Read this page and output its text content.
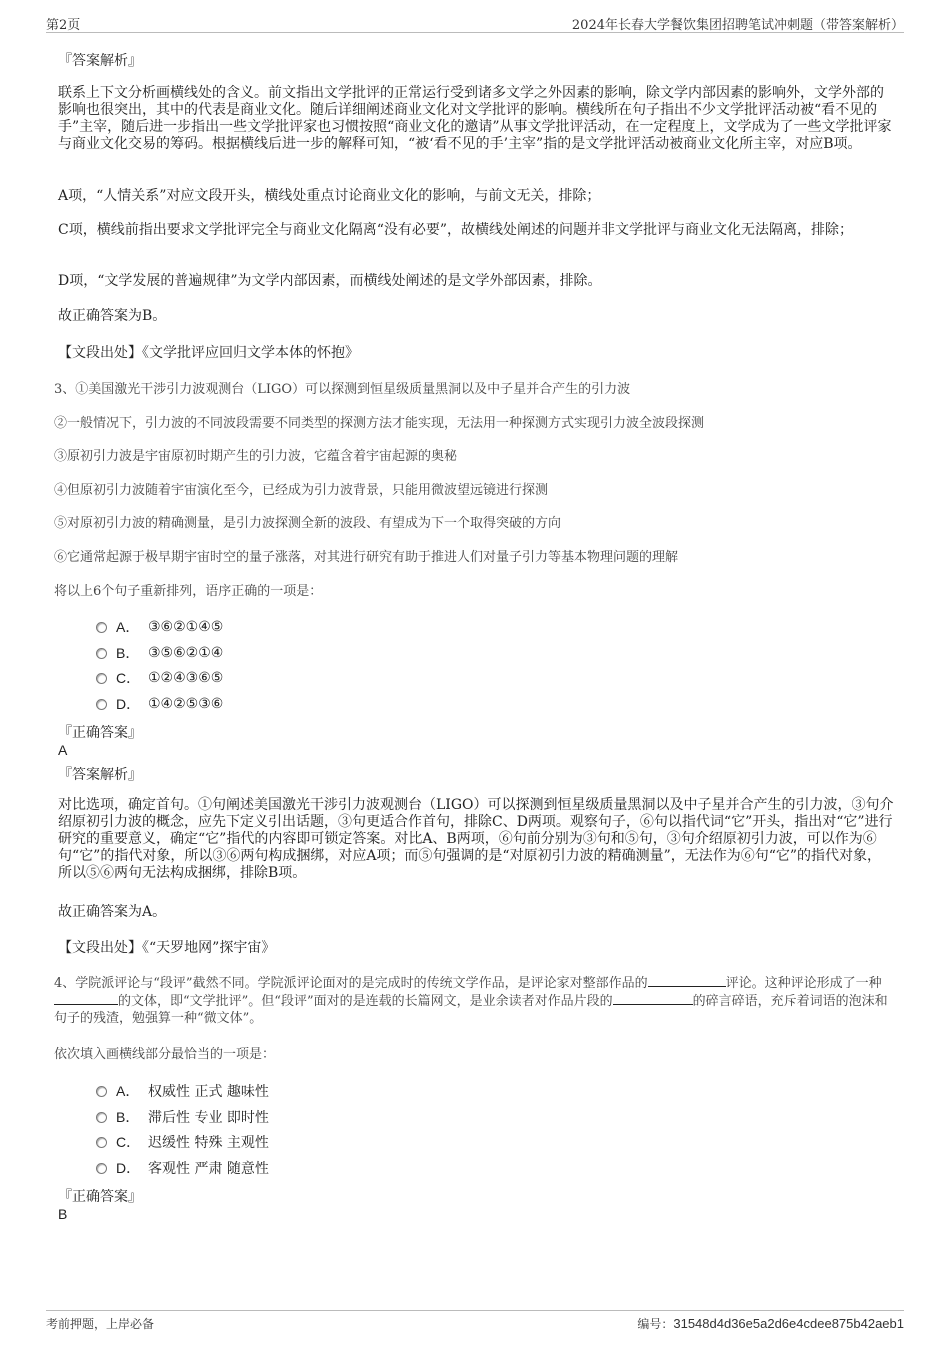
第2页	2024年长春大学餐饮集团招聘笔试冲刺题（带答案解析）
『答案解析』

联系上下文分析画横线处的含义。前文指出文学批评的正常运行受到诸多文学之外因素的影响，除文学内部因素的影响外，文学外部的影响也很突出，其中的代表是商业文化。随后详细阐述商业文化对文学批评的影响。横线所在句子指出不少文学批评活动被“看不见的手”主宰，随后进一步指出一些文学批评家也习惯按照“商业文化的邀请”从事文学批评活动，在一定程度上，文学成为了一些文学批评家与商业文化交易的筹码。根据横线后进一步的解释可知，“被‘看不见的手’主宰”指的是文学批评活动被商业文化所主宰，对应B项。

A项，“人情关系”对应文段开头，横线处重点讨论商业文化的影响，与前文无关，排除；

C项，横线前指出要求文学批评完全与商业文化隔离“没有必要”，故横线处阐述的问题并非文学批评与商业文化无法隔离，排除；

D项，“文学发展的普遍规律”为文学内部因素，而横线处阐述的是文学外部因素，排除。

故正确答案为B。

【文段出处】《文学批评应回归文学本体的怀抱》
3、①美国激光干涉引力波观测台（LIGO）可以探测到恒星级质量黑洞以及中子星并合产生的引力波
②一般情况下，引力波的不同波段需要不同类型的探测方法才能实现，无法用一种探测方式实现引力波全波段探测
③原初引力波是宇宙原初时期产生的引力波，它蕴含着宇宙起源的奥秘
④但原初引力波随着宇宙演化至今，已经成为引力波背景，只能用微波望远镜进行探测
⑤对原初引力波的精确测量，是引力波探测全新的波段、有望成为下一个取得突破的方向
⑥它通常起源于极早期宇宙时空的量子涨落，对其进行研究有助于推进人们对量子引力等基本物理问题的理解
将以上6个句子重新排列，语序正确的一项是：
A． ③⑥②①④⑤
B． ③⑤⑥②①④
C． ①②④③⑥⑤
D． ①④②⑤③⑥
『正确答案』
A
『答案解析』

对比选项，确定首句。①句阐述美国激光干涉引力波观测台（LIGO）可以探测到恒星级质量黑洞以及中子星并合产生的引力波，③句介绍原初引力波的概念，应先下定义引出话题，③句更适合作首句，排除C、D两项。观察句子，⑥句以指代词“它”开头，指出对“它”进行研究的重要意义，确定“它”指代的内容即可锁定答案。对比A、B两项，⑥句前分别为③句和⑤句，③句介绍原初引力波，可以作为⑥句“它”的指代对象，所以③⑥两句构成捆绑，对应A项；而⑤句强调的是“对原初引力波的精确测量”，无法作为⑥句“它”的指代对象，所以⑤⑥两句无法构成捆绑，排除B项。

故正确答案为A。

【文段出处】《“天罗地网”探宇宙》
4、学院派评论与“段评”截然不同。学院派评论面对的是完成时的传统文学作品，是评论家对整部作品的	评论。这种评论形成了一种的文体，即“文学批评”。但“段评”面对的是连载的长篇网文，是业余读者对作品片段的	的碎言碎语，充斥着词语的泡沫和句子的残渣，勉强算一种“微文体”。
依次填入画横线部分最恰当的一项是：
A． 权威性 正式 趣味性
B． 滞后性 专业 即时性
C． 迟缓性 特殊 主观性
D． 客观性 严肃 随意性
『正确答案』
B
考前押题，上岸必备	编号：31548d4d36e5a2d6e4cdee875b42aeb1
